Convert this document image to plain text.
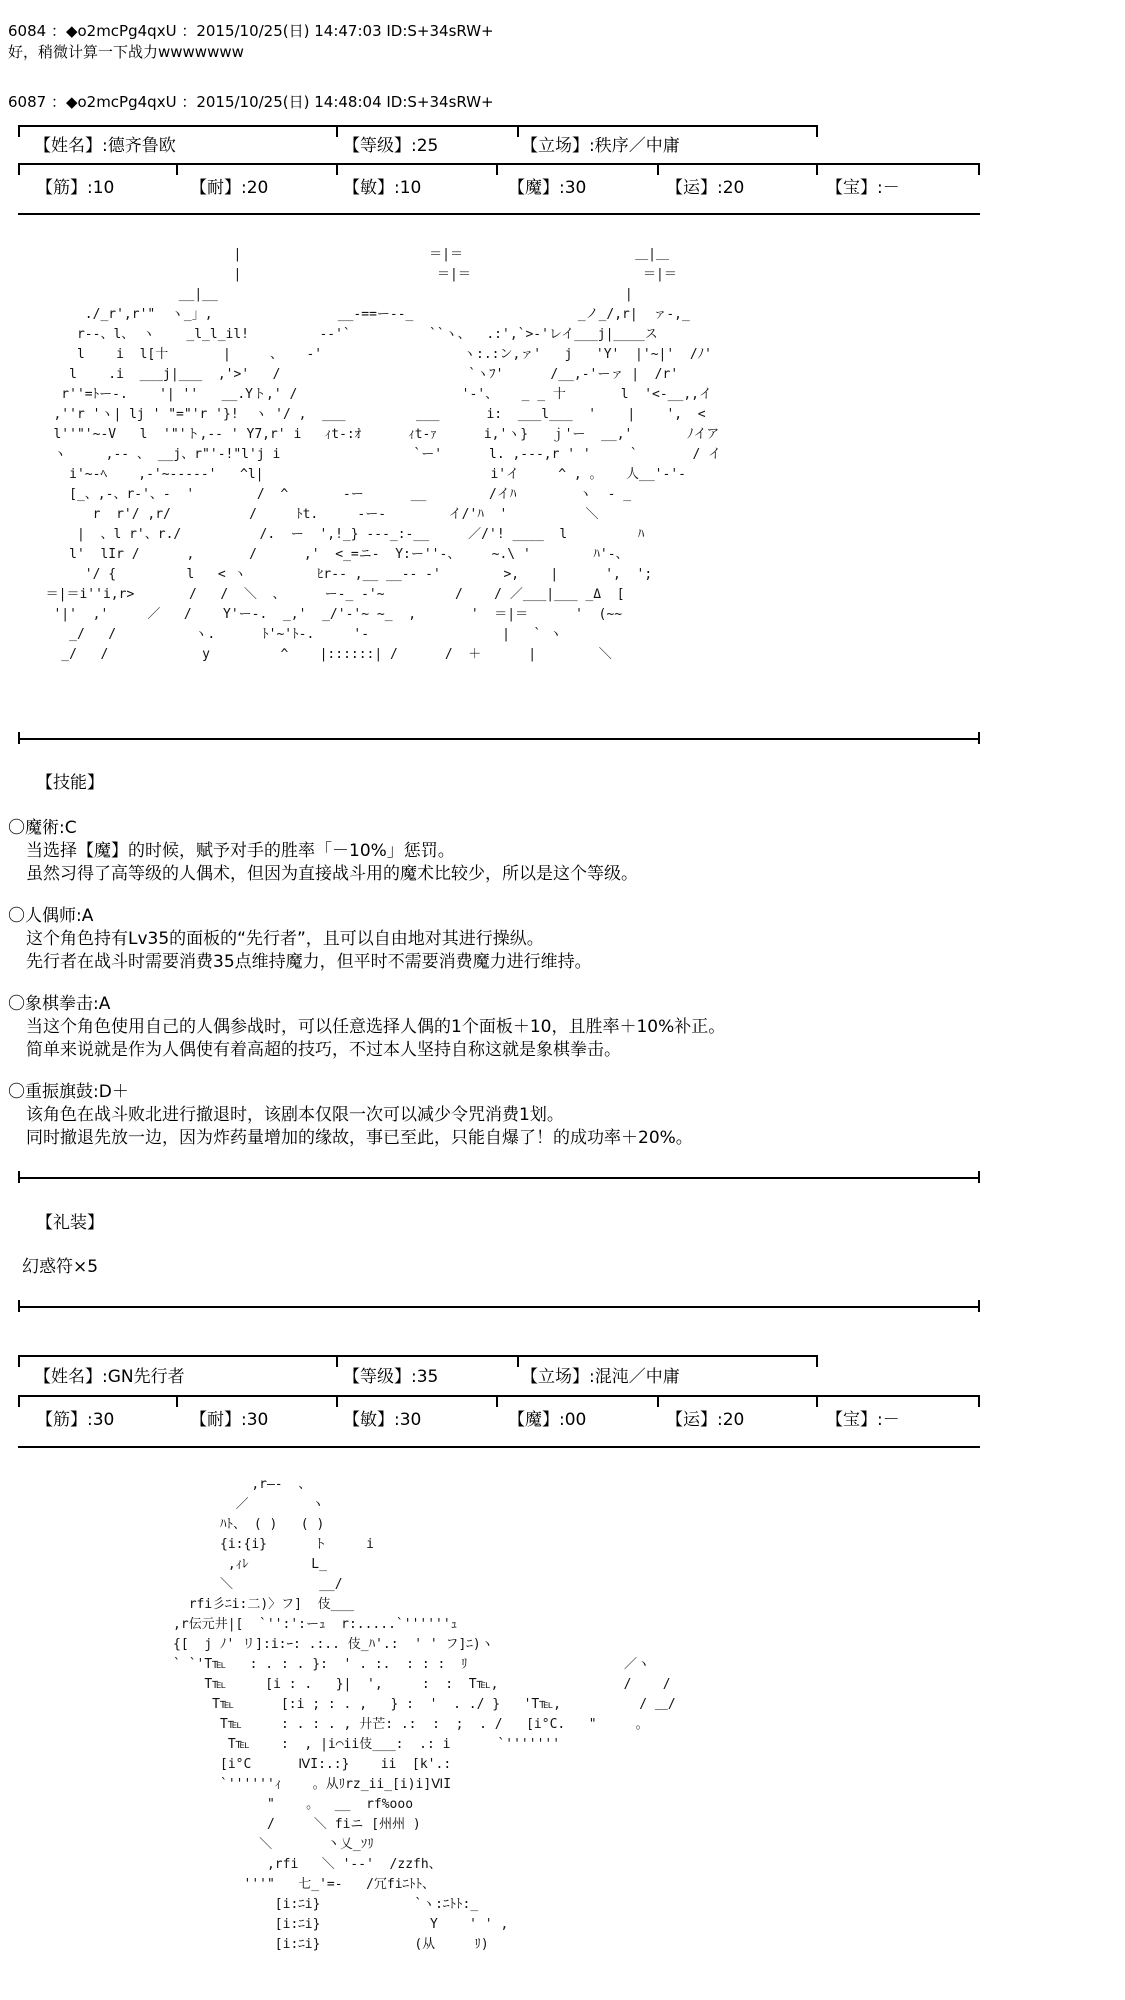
6084 ：◆o2mcPg4qxU ：2015/10/25(日) 14:47:03 ID:S+34sRW+
好，稍微计算一下战力wwwwwww
6087 ：◆o2mcPg4qxU ：2015/10/25(日) 14:48:04 ID:S+34sRW+
【姓名】:德齐鲁欧	【等级】:25	【立场】:秩序／中庸
【筋】:10	【耐】:20	【敏】:10	【魔】:30	【运】:20	【宝】:－
|                        ＝|＝                      ＿|＿
|                         ＝|＝                      ＝|＝
__|__                                                    |
./_r',r'"  ヽ_」,                __-==ー--_                     _ノ_/,r|  ァ-,_
r--、l、 ヽ    _l_l_il!         --'`          ``ヽ、  .:',`>-'レイ___j|____ス
l    i  l[十       |     、   -'                  ヽ:.:ン,ァ'   j   'Y'  |'~|'  /ﾉ'
l    .i  ___j|___  ,'>'   /                        `ヽﾌ'      /__,-'ーァ |  /r'
r''=ﾄー-.    '| ''   __.Yト,' /                     '-'、   _ _ 十       l  '<-__,,イ
,''r 'ヽ| lj ' "="'r '}!  ヽ '/ ,  ___         ___      i:  ___l___  '    |    ',  <
l''"'~-V   l  '"'ト,-- ' Y7,r' i   ｨt-:ｵ      ｨt-ｧ      i,'ヽ}   ｊ'ー  __,'       ﾉイア
ヽ     ,-- 、 __j、r"'-!"l'j i                 `ー'      l. ,---,r ' '     `       / イ
i'~-ﾍ    ,-'~-----'   ^l|                             i'イ     ^ , 。   人__'-'‐
[_、,-、r-'、-  '        /  ^       -ー      __        /イﾊ        ヽ  ‐ _
r  r'/ ,r/          /     ﾄt.     -ー-        イ/'ﾊ  '          ＼
|  、l r'、r./          /.  ー  ',!_} ---_:-__     ／/'! ____  l         ﾊ
l'  lIr /      ,       /      ,'  <_=ニ-  Y:ー''-、    ~.\ '        ﾊ'-、
'/ {         l   < ヽ         ﾋr-- ,__ __-- -'        >,    |      ',  ';
＝|＝i''i,r>       /   /  ＼  、     ー-_ -'~         /    / ／___|___ _Δ  [
'|'  ,'     ／   /    Y'ー-.  _,'  _/'‐'~ ~_  ,       '  ＝|＝      '  (~~
_/   /          ヽ.      ﾄ'~'ﾄ-.     '-                 |   ` ヽ
_/   /            y         ^    |::::::| /      /  ＋      |        ＼
【技能】
〇魔術:C
当选择【魔】的时候，赋予对手的胜率「－10%」惩罚。
虽然习得了高等级的人偶术，但因为直接战斗用的魔术比较少，所以是这个等级。
〇人偶师:A
这个角色持有Lv35的面板的“先行者”，且可以自由地对其进行操纵。
先行者在战斗时需要消费35点维持魔力，但平时不需要消费魔力进行维持。
〇象棋拳击:A
当这个角色使用自己的人偶参战时，可以任意选择人偶的1个面板＋10，且胜率＋10%补正。
简单来说就是作为人偶使有着高超的技巧，不过本人坚持自称这就是象棋拳击。
〇重振旗鼓:D＋
该角色在战斗败北进行撤退时，该剧本仅限一次可以减少令咒消费1划。
同时撤退先放一边，因为炸药量增加的缘故，事已至此，只能自爆了！的成功率＋20%。
【礼装】
幻惑符×5
【姓名】:GN先行者	【等级】:35	【立场】:混沌／中庸
【筋】:30	【耐】:30	【敏】:30	【魔】:00	【运】:20	【宝】:－
,r―-  、
／        ヽ
ﾊﾄ、 ( )   ( )
{i:{i}      ト     i
,ｨﾚ        L_
＼           __/
rfi彡ﾆi:二)〉フ]  伎___
,r伝元井|[  `'':':ーｭ  r:.....`''''''ｭ
{[  j ﾉ' リ]:i:ｰ: .:.. 伎_ﾊ'.:  ' ' フ]ﾆ)ヽ
` `'T℡   : . : . }:  ' . :.  : : :  ﾘ                    ／ヽ
T℡     [i : .   }|  ',     :  :  T℡,                /    /
T℡      [:i ; : . ,   } :  '  . ./ }   'T℡,          / ＿/
T℡     : . : . , 廾芒: .:  :  ;  . /   [i°C.   "     。
T℡    :  , |i⌒ii伎___:  .: i      `'''''''
[i°C      ⅣI:.:}    ii  [k'.:
`''''''ｨ    。从ﾘrz_ii_[i)i]ⅥI
"    。  __  rf%ooo
/     ＼ fiニ [州州 )
＼       丶乂_ｿﾘ
,rfi   ＼ '--'  /zzfh、
'''"   七_'=-   /冗fiﾆﾄﾄ、
[i:ﾆi}            `ヽ:ﾆﾄﾄ:_
[i:ﾆi}              Y    ' ' ,
[i:ﾆi}            (从     ﾘ)
